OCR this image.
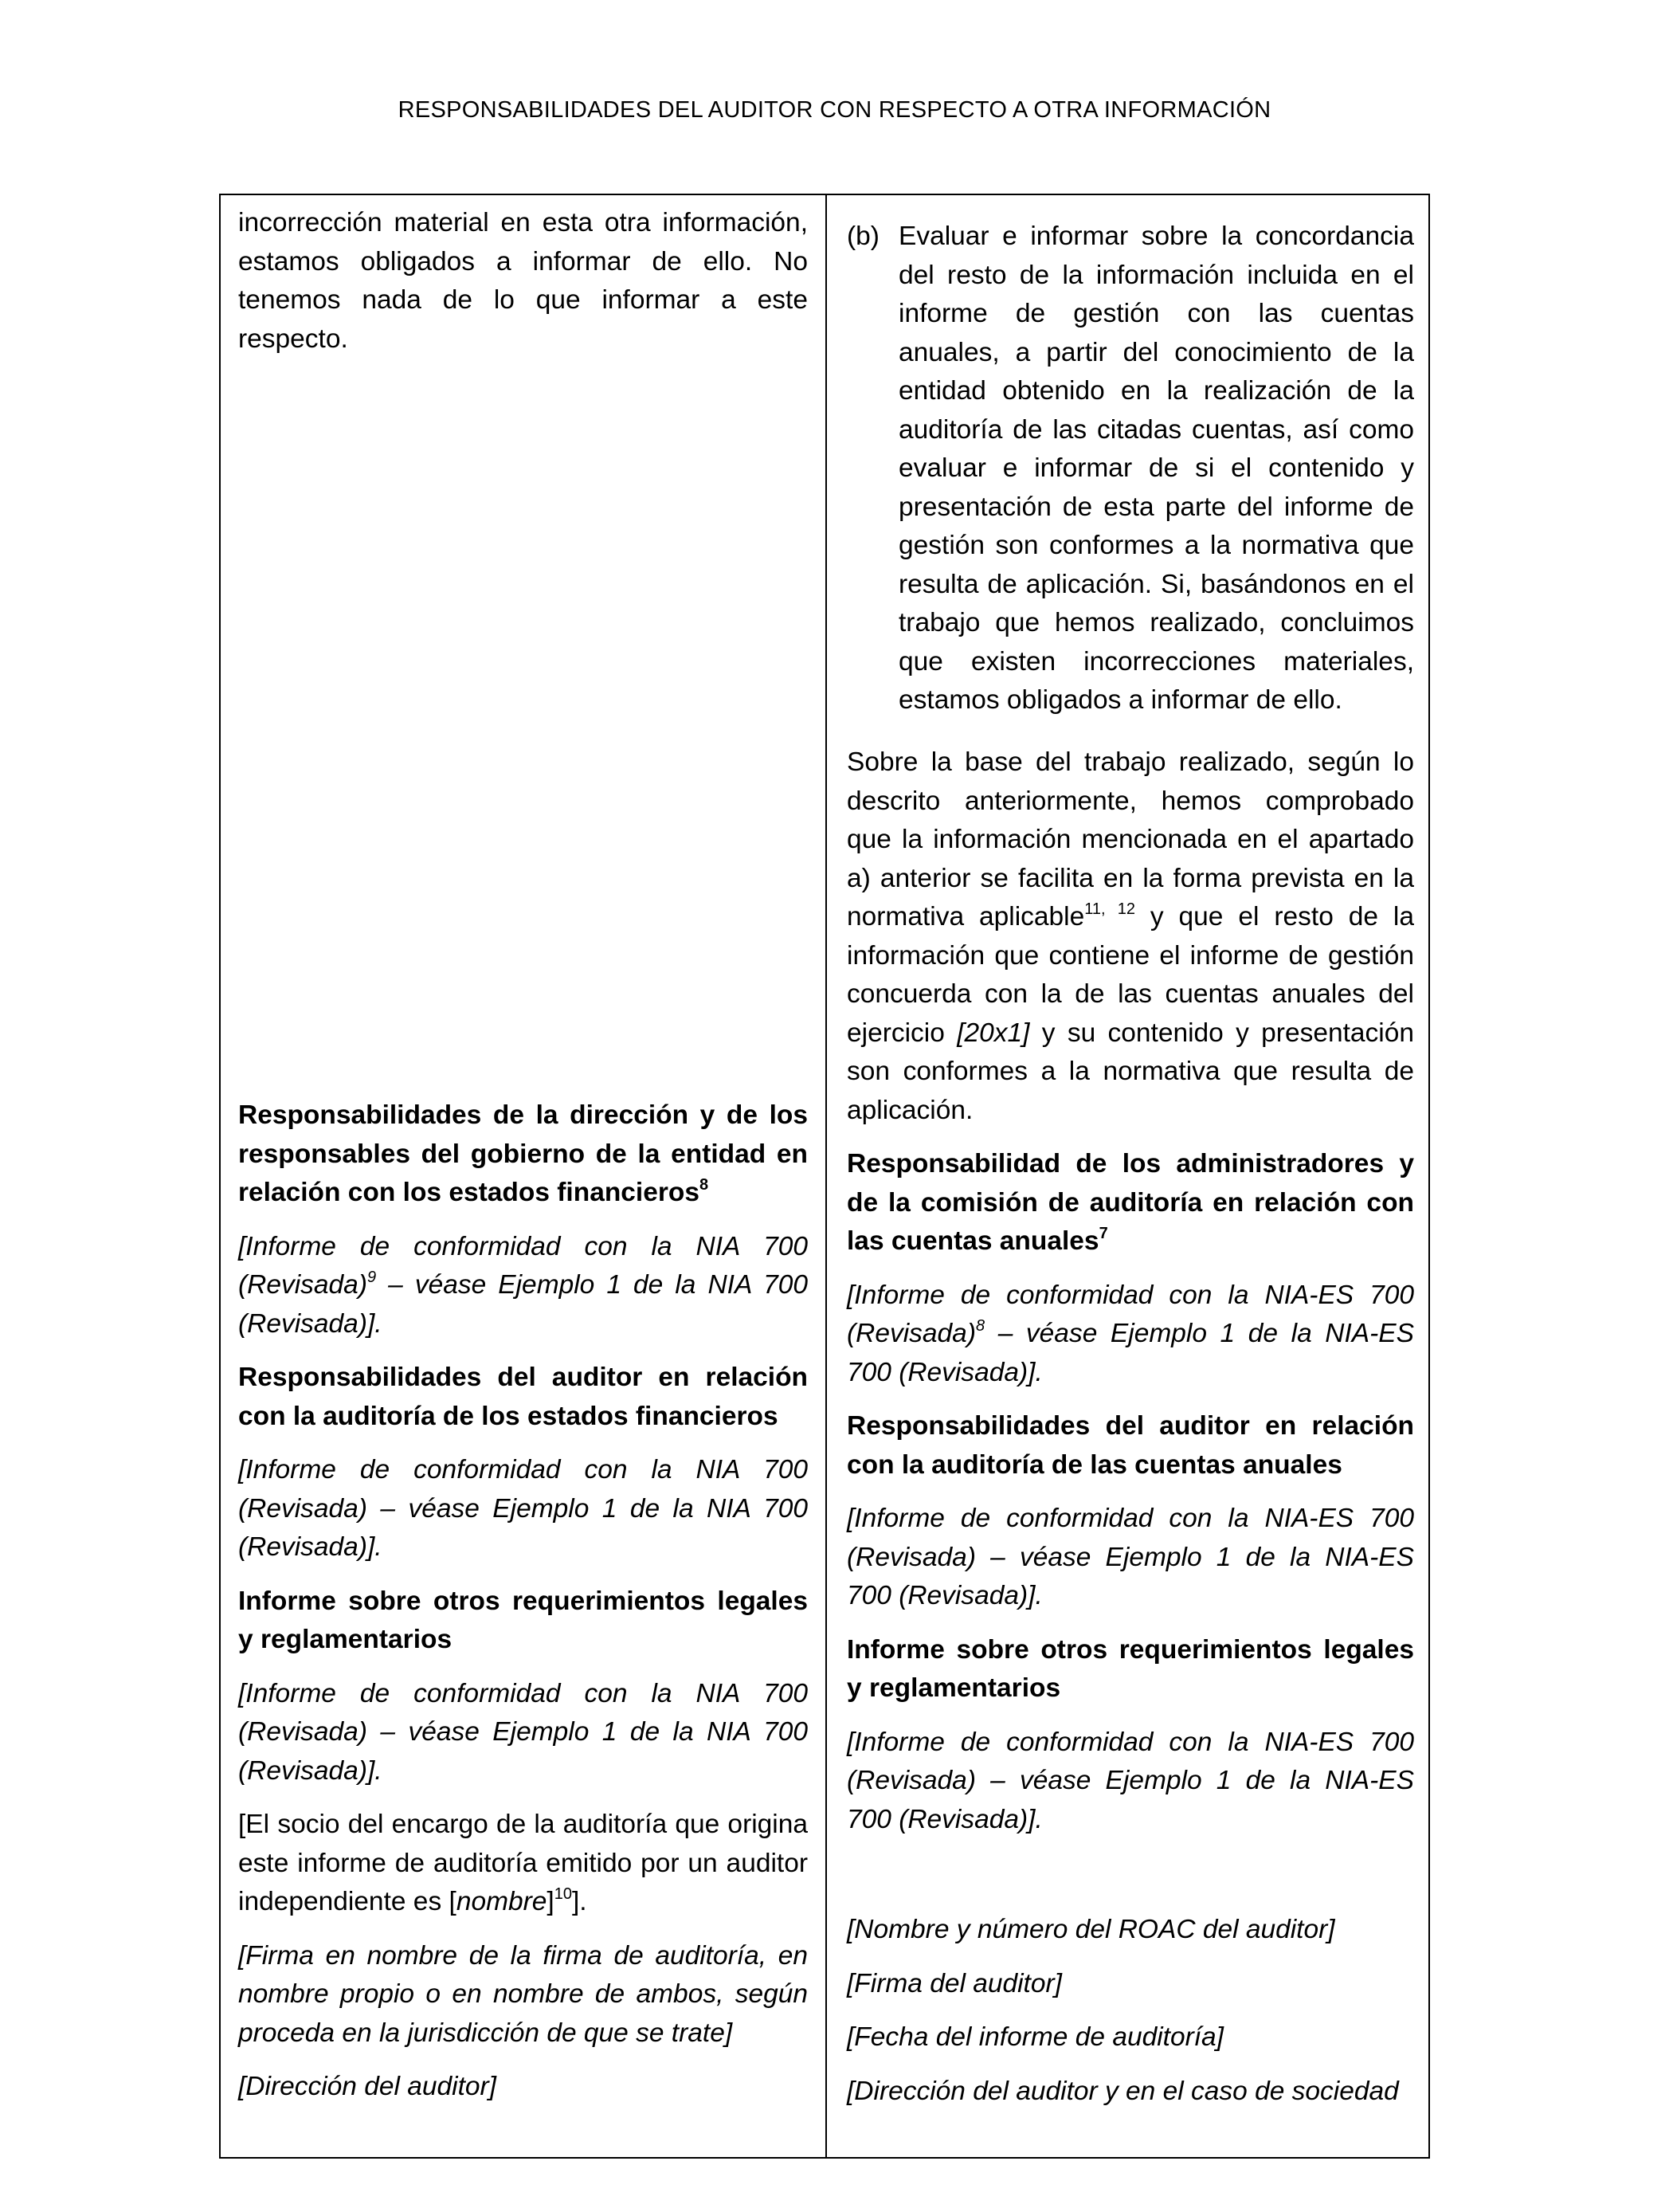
RESPONSABILIDADES DEL AUDITOR CON RESPECTO A OTRA INFORMACIÓN

incorrección material en esta otra información, estamos obligados a informar de ello. No tenemos nada de lo que informar a este respecto.

Responsabilidades de la dirección y de los responsables del gobierno de la entidad en relación con los estados financieros$^8$

[Informe de conformidad con la NIA 700 (Revisada)$^9$ – véase Ejemplo 1 de la NIA 700 (Revisada)].

Responsabilidades del auditor en relación con la auditoría de los estados financieros

[Informe de conformidad con la NIA 700 (Revisada) – véase Ejemplo 1 de la NIA 700 (Revisada)].

Informe sobre otros requerimientos legales y reglamentarios

[Informe de conformidad con la NIA 700 (Revisada) – véase Ejemplo 1 de la NIA 700 (Revisada)].

[El socio del encargo de la auditoría que origina este informe de auditoría emitido por un auditor independiente es [nombre]$^{10}$].

[Firma en nombre de la firma de auditoría, en nombre propio o en nombre de ambos, según proceda en la jurisdicción de que se trate]

[Dirección del auditor]

(b) Evaluar e informar sobre la concordancia del resto de la información incluida en el informe de gestión con las cuentas anuales, a partir del conocimiento de la entidad obtenido en la realización de la auditoría de las citadas cuentas, así como evaluar e informar de si el contenido y presentación de esta parte del informe de gestión son conformes a la normativa que resulta de aplicación. Si, basándonos en el trabajo que hemos realizado, concluimos que existen incorrecciones materiales, estamos obligados a informar de ello.

Sobre la base del trabajo realizado, según lo descrito anteriormente, hemos comprobado que la información mencionada en el apartado a) anterior se facilita en la forma prevista en la normativa aplicable$^{11, 12}$ y que el resto de la información que contiene el informe de gestión concuerda con la de las cuentas anuales del ejercicio [20x1] y su contenido y presentación son conformes a la normativa que resulta de aplicación.

Responsabilidad de los administradores y de la comisión de auditoría en relación con las cuentas anuales$^7$

[Informe de conformidad con la NIA-ES 700 (Revisada)$^8$ – véase Ejemplo 1 de la NIA-ES 700 (Revisada)].

Responsabilidades del auditor en relación con la auditoría de las cuentas anuales

[Informe de conformidad con la NIA-ES 700 (Revisada) – véase Ejemplo 1 de la NIA-ES 700 (Revisada)].

Informe sobre otros requerimientos legales y reglamentarios

[Informe de conformidad con la NIA-ES 700 (Revisada) – véase Ejemplo 1 de la NIA-ES 700 (Revisada)].

[Nombre y número del ROAC del auditor]

[Firma del auditor]

[Fecha del informe de auditoría]

[Dirección del auditor y en el caso de sociedad
